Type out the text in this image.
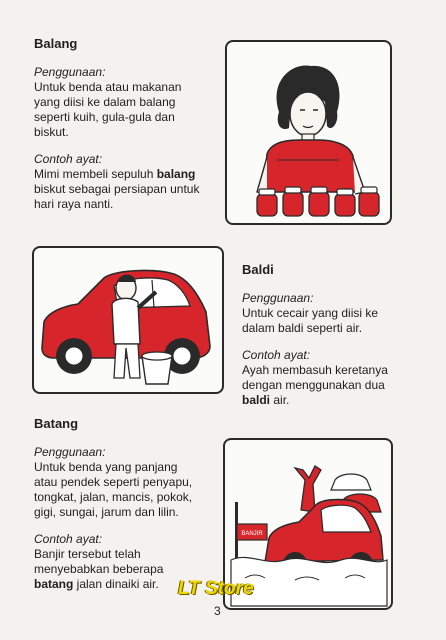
Balang
Penggunaan:
Untuk benda atau makanan
yang diisi ke dalam balang
seperti kuih, gula-gula dan
biskut.
Contoh ayat:
Mimi membeli sepuluh balang
biskut sebagai persiapan untuk
hari raya nanti.
Baldi
Penggunaan:
Untuk cecair yang diisi ke
dalam baldi seperti air.
Contoh ayat:
Ayah membasuh keretanya
dengan menggunakan dua
baldi air.
Batang
Penggunaan:
Untuk benda yang panjang
atau pendek seperti penyapu,
tongkat, jalan, mancis, pokok,
gigi, sungai, jarum dan lilin.
Contoh ayat:
Banjir tersebut telah
menyebabkan beberapa
batang jalan dinaiki air.
BANJIR
LT Store
3
